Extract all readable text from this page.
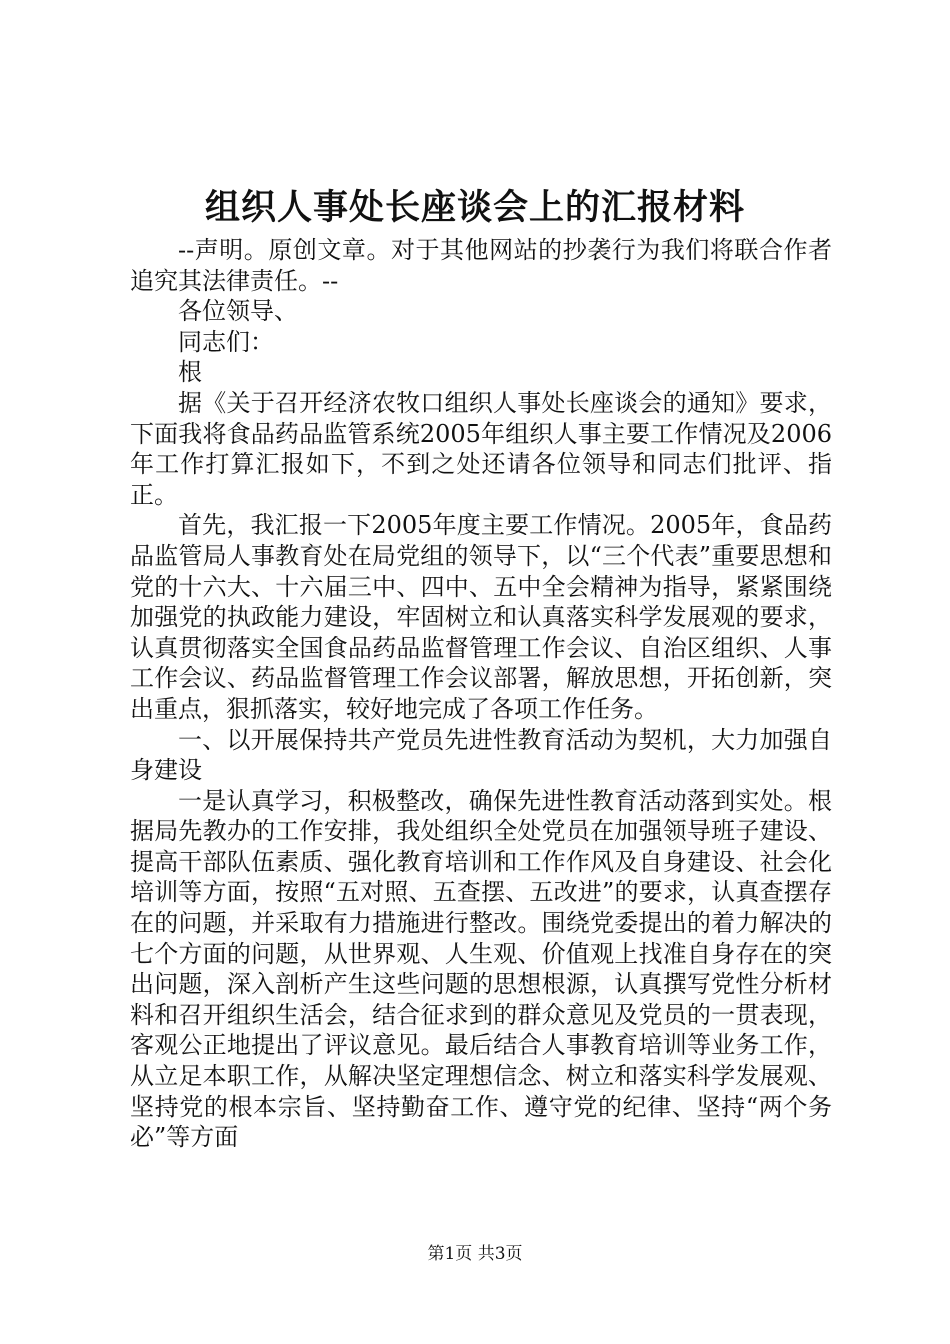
组织人事处长座谈会上的汇报材料

--声明。原创文章。对于其他网站的抄袭行为我们将联合作者追究其法律责任。--

各位领导、

同志们：

根

据《关于召开经济农牧口组织人事处长座谈会的通知》要求，下面我将食品药品监管系统2005年组织人事主要工作情况及2006年工作打算汇报如下，不到之处还请各位领导和同志们批评、指正。

首先，我汇报一下2005年度主要工作情况。2005年，食品药品监管局人事教育处在局党组的领导下，以“三个代表”重要思想和党的十六大、十六届三中、四中、五中全会精神为指导，紧紧围绕加强党的执政能力建设，牢固树立和认真落实科学发展观的要求，认真贯彻落实全国食品药品监督管理工作会议、自治区组织、人事工作会议、药品监督管理工作会议部署，解放思想，开拓创新，突出重点，狠抓落实，较好地完成了各项工作任务。

一、以开展保持共产党员先进性教育活动为契机，大力加强自身建设

一是认真学习，积极整改，确保先进性教育活动落到实处。根据局先教办的工作安排，我处组织全处党员在加强领导班子建设、提高干部队伍素质、强化教育培训和工作作风及自身建设、社会化培训等方面，按照“五对照、五查摆、五改进”的要求，认真查摆存在的问题，并采取有力措施进行整改。围绕党委提出的着力解决的七个方面的问题，从世界观、人生观、价值观上找准自身存在的突出问题，深入剖析产生这些问题的思想根源，认真撰写党性分析材料和召开组织生活会，结合征求到的群众意见及党员的一贯表现，客观公正地提出了评议意见。最后结合人事教育培训等业务工作，从立足本职工作，从解决坚定理想信念、树立和落实科学发展观、坚持党的根本宗旨、坚持勤奋工作、遵守党的纪律、坚持“两个务必”等方面

第1页 共3页
